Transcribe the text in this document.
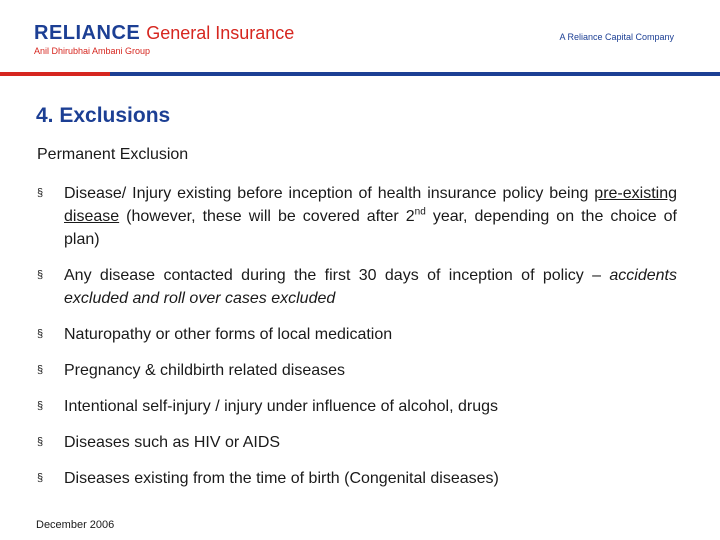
RELIANCE General Insurance
Anil Dhirubhai Ambani Group
A Reliance Capital Company
4. Exclusions
Permanent Exclusion
§	Disease/ Injury existing before inception of health insurance policy being pre-existing disease (however, these will be covered after 2nd year, depending on the choice of plan)
§	Any disease contacted during the first 30 days of inception of policy – accidents excluded and roll over cases excluded
§	Naturopathy or other forms of local medication
§	Pregnancy & childbirth related diseases
§	Intentional self-injury / injury under influence of alcohol, drugs
§	Diseases such as HIV or AIDS
§	Diseases existing from the time of birth (Congenital diseases)
December 2006
